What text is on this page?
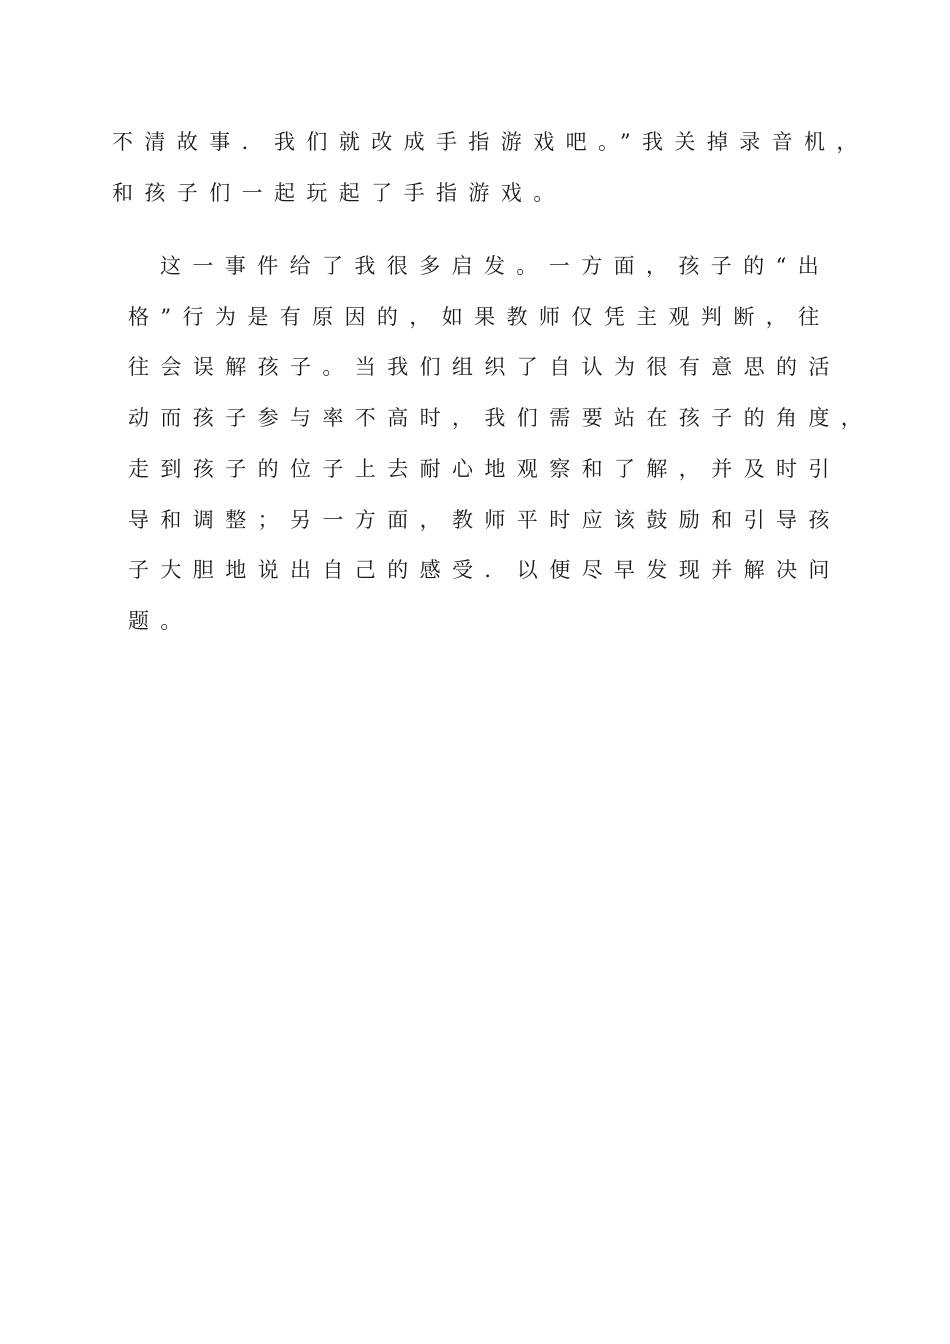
不清故事．我们就改成手指游戏吧。”我关掉录音机，
和孩子们一起玩起了手指游戏。
这一事件给了我很多启发。一方面，孩子的“出
格”行为是有原因的，如果教师仅凭主观判断，往
往会误解孩子。当我们组织了自认为很有意思的活
动而孩子参与率不高时，我们需要站在孩子的角度，
走到孩子的位子上去耐心地观察和了解，并及时引
导和调整；另一方面，教师平时应该鼓励和引导孩
子大胆地说出自己的感受．以便尽早发现并解决问
题。
